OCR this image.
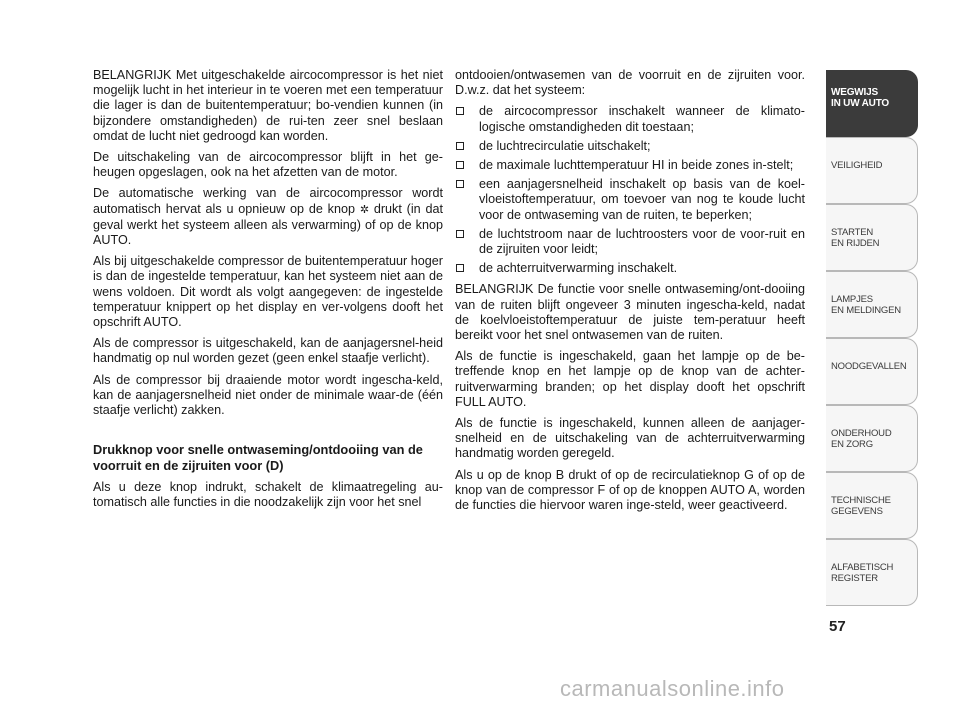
BELANGRIJK Met uitgeschakelde aircocompressor is het niet mogelijk lucht in het interieur in te voeren met een temperatuur die lager is dan de buitentemperatuur; bo-vendien kunnen (in bijzondere omstandigheden) de rui-ten zeer snel beslaan omdat de lucht niet gedroogd kan worden.

De uitschakeling van de aircocompressor blijft in het ge-heugen opgeslagen, ook na het afzetten van de motor.

De automatische werking van de aircocompressor wordt automatisch hervat als u opnieuw op de knop ✲ drukt (in dat geval werkt het systeem alleen als verwarming) of op de knop AUTO.

Als bij uitgeschakelde compressor de buitentemperatuur hoger is dan de ingestelde temperatuur, kan het systeem niet aan de wens voldoen. Dit wordt als volgt aangegeven: de ingestelde temperatuur knippert op het display en ver-volgens dooft het opschrift AUTO.

Als de compressor is uitgeschakeld, kan de aanjagersnel-heid handmatig op nul worden gezet (geen enkel staafje verlicht).

Als de compressor bij draaiende motor wordt ingescha-keld, kan de aanjagersnelheid niet onder de minimale waar-de (één staafje verlicht) zakken.

Drukknop voor snelle ontwaseming/ontdooiing van de voorruit en de zijruiten voor (D)

Als u deze knop indrukt, schakelt de klimaatregeling au-tomatisch alle functies in die noodzakelijk zijn voor het snel

ontdooien/ontwasemen van de voorruit en de zijruiten voor. D.w.z. dat het systeem:

de aircocompressor inschakelt wanneer de klimato-logische omstandigheden dit toestaan;
de luchtrecirculatie uitschakelt;
de maximale luchttemperatuur HI in beide zones in-stelt;
een aanjagersnelheid inschakelt op basis van de koel-vloeistoftemperatuur, om toevoer van nog te koude lucht voor de ontwaseming van de ruiten, te beperken;
de luchtstroom naar de luchtroosters voor de voor-ruit en de zijruiten voor leidt;
de achterruitverwarming inschakelt.

BELANGRIJK De functie voor snelle ontwaseming/ont-dooiing van de ruiten blijft ongeveer 3 minuten ingescha-keld, nadat de koelvloeistoftemperatuur de juiste tem-peratuur heeft bereikt voor het snel ontwasemen van de ruiten.

Als de functie is ingeschakeld, gaan het lampje op de be-treffende knop en het lampje op de knop van de achter-ruitverwarming branden; op het display dooft het opschrift FULL AUTO.

Als de functie is ingeschakeld, kunnen alleen de aanjager-snelheid en de uitschakeling van de achterruitverwarming handmatig worden geregeld.

Als u op de knop B drukt of op de recirculatieknop G of op de knop van de compressor F of op de knoppen AUTO A, worden de functies die hiervoor waren inge-steld, weer geactiveerd.

WEGWIJS
IN UW AUTO
VEILIGHEID
STARTEN
EN RIJDEN
LAMPJES
EN MELDINGEN
NOODGEVALLEN
ONDERHOUD
EN ZORG
TECHNISCHE
GEGEVENS
ALFABETISCH
REGISTER
57
carmanualsonline.info
